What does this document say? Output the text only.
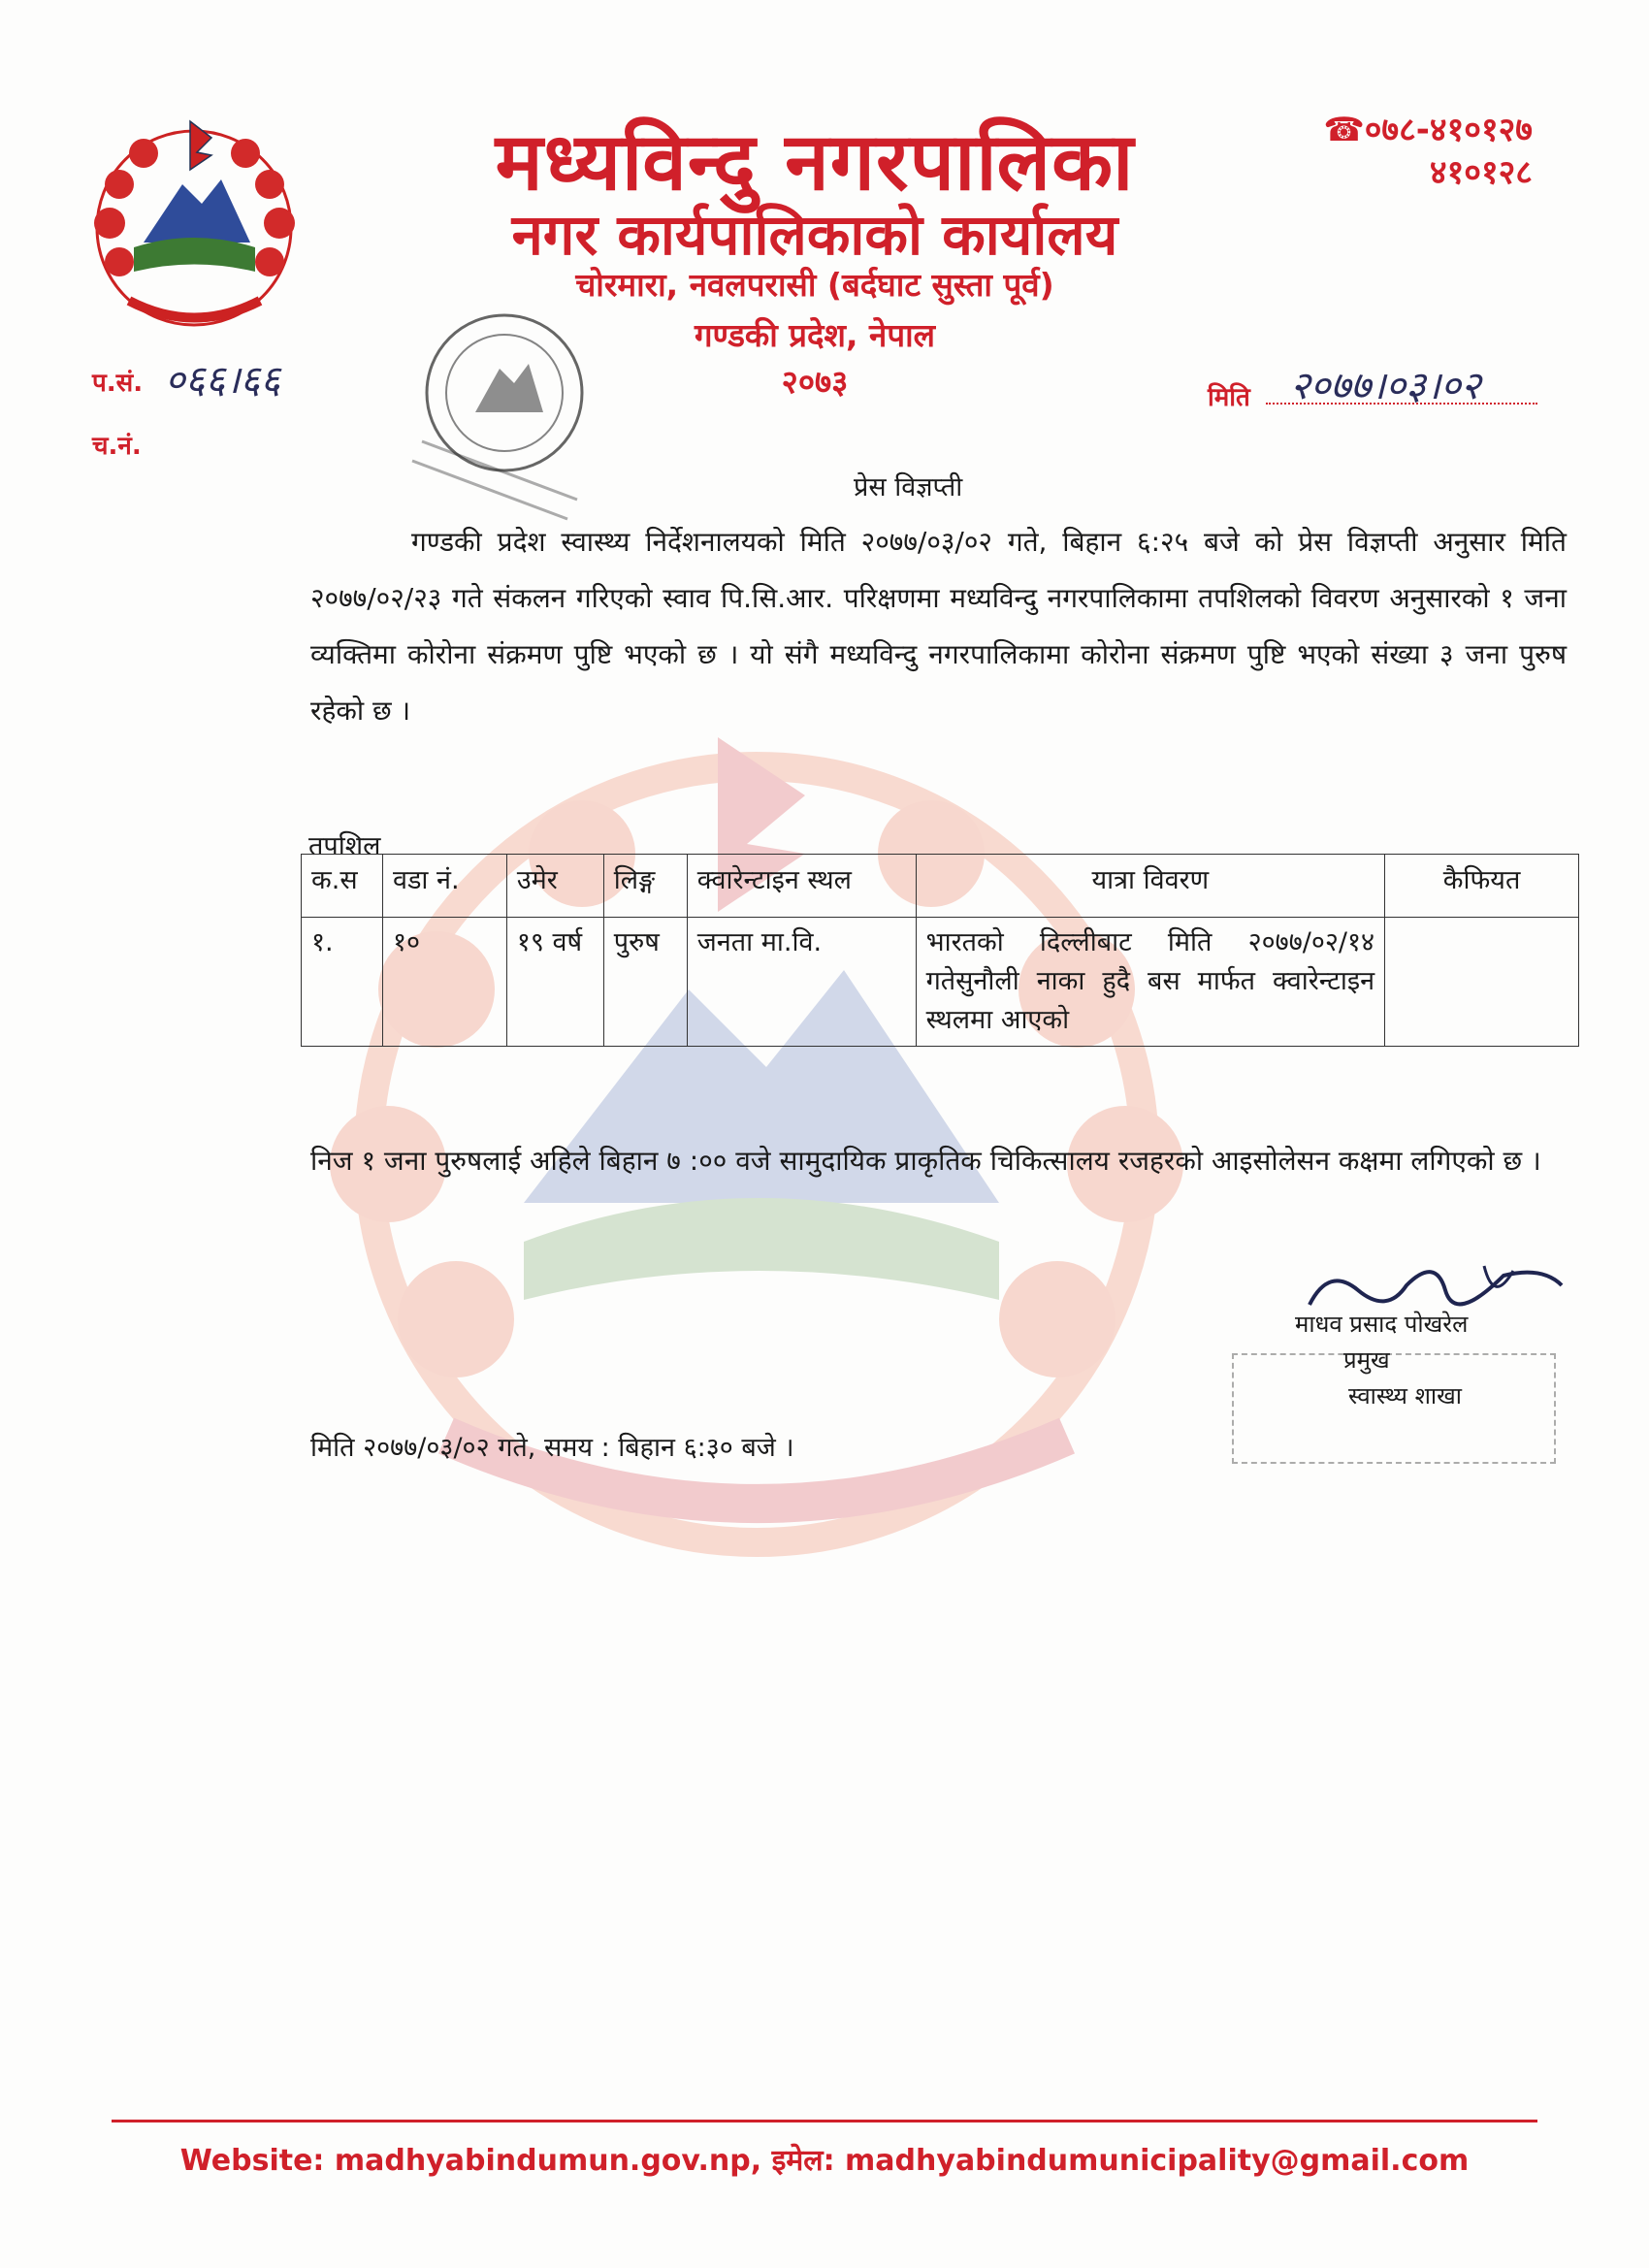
मध्यविन्दु नगरपालिका
नगर कार्यपालिकाको कार्यालय
चोरमारा, नवलपरासी (बर्दघाट सुस्ता पूर्व)
गण्डकी प्रदेश, नेपाल
२०७३
☎०७८-४१०१२७
४१०१२८
प.सं. ०६६।६६
च.नं.
मिति २०७७।०३।०२
प्रेस विज्ञप्ती

गण्डकी प्रदेश स्वास्थ्य निर्देशनालयको मिति २०७७/०३/०२ गते, बिहान ६:२५ बजे को प्रेस विज्ञप्ती अनुसार मिति २०७७/०२/२३ गते संकलन गरिएको स्वाव पि.सि.आर. परिक्षणमा मध्यविन्दु नगरपालिकामा तपशिलको विवरण अनुसारको १ जना व्यक्तिमा कोरोना संक्रमण पुष्टि भएको छ । यो संगै मध्यविन्दु नगरपालिकामा कोरोना संक्रमण पुष्टि भएको संख्या ३ जना पुरुष रहेको छ ।

तपशिल
क.स	वडा नं.	उमेर	लिङ्ग	क्वारेन्टाइन स्थल	यात्रा विवरण	कैफियत
१.	१०	१९ वर्ष	पुरुष	जनता मा.वि.	भारतको दिल्लीबाट मिति २०७७/०२/१४ गतेसुनौली नाका हुदै बस मार्फत क्वारेन्टाइन स्थलमा आएको	
निज १ जना पुरुषलाई अहिले बिहान ७ :०० वजे सामुदायिक प्राकृतिक चिकित्सालय रजहरको आइसोलेसन कक्षमा लगिएको छ ।
माधव प्रसाद पोखरेल
प्रमुख
स्वास्थ्य शाखा
मिति २०७७/०३/०२ गते, समय : बिहान ६:३० बजे ।
Website: madhyabindumun.gov.np, इमेल: madhyabindumunicipality@gmail.com
